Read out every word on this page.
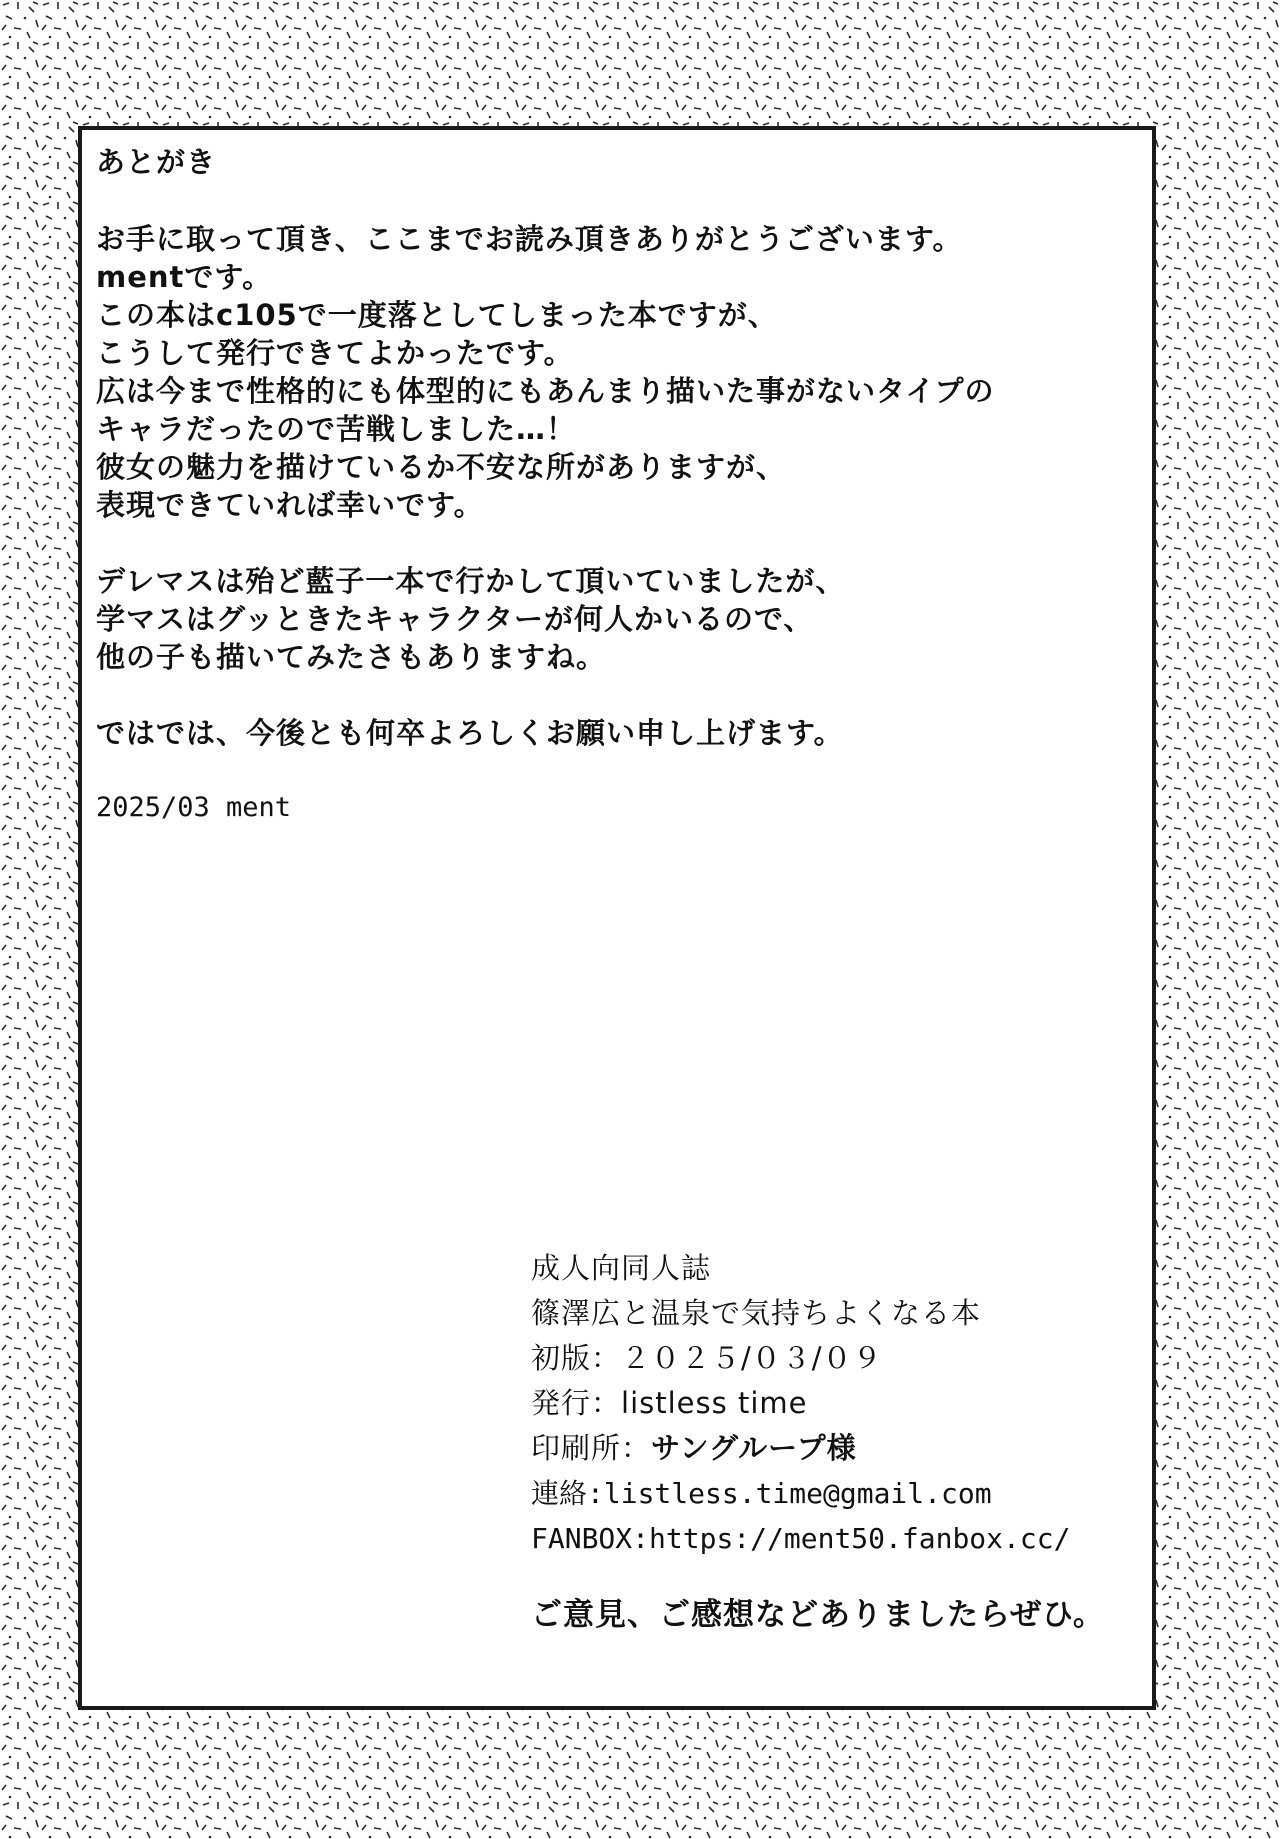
あとがき
お手に取って頂き、ここまでお読み頂きありがとうございます。
mentです。
この本はc105で一度落としてしまった本ですが、
こうして発行できてよかったです。
広は今まで性格的にも体型的にもあんまり描いた事がないタイプの
キャラだったので苦戦しました…！
彼女の魅力を描けているか不安な所がありますが、
表現できていれば幸いです。
デレマスは殆ど藍子一本で行かして頂いていましたが、
学マスはグッときたキャラクターが何人かいるので、
他の子も描いてみたさもありますね。
ではでは、今後とも何卒よろしくお願い申し上げます。
2025/03 ment
成人向同人誌
篠澤広と温泉で気持ちよくなる本
初版：２０２５/０３/０９
発行：listless time
印刷所：サングループ様
連絡:listless.time@gmail.com
FANBOX:https://ment50.fanbox.cc/
ご意見、ご感想などありましたらぜひ。
